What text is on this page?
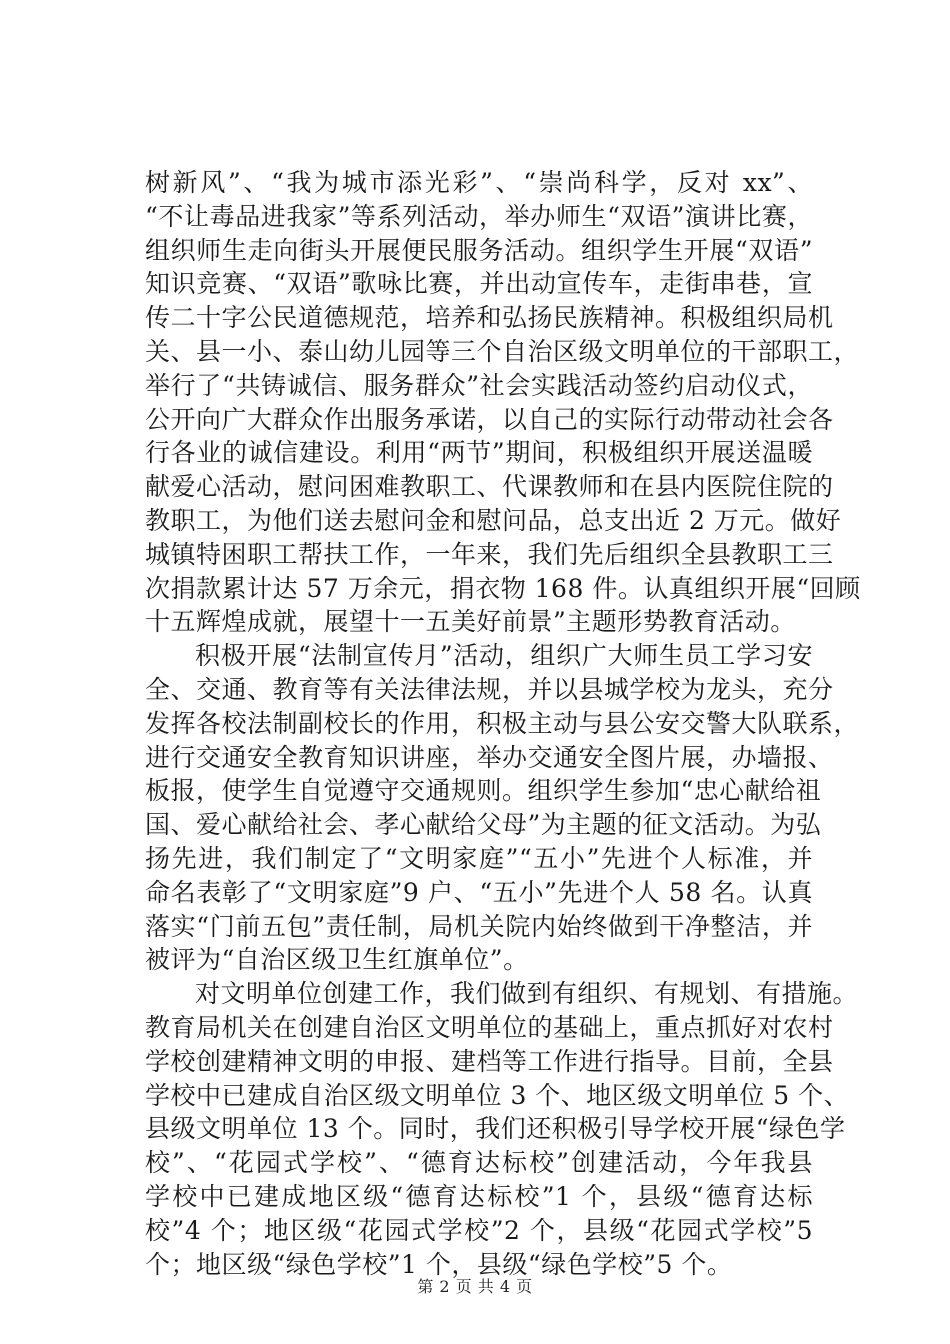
树新风”、“我为城市添光彩”、“崇尚科学，反对 xx”、
“不让毒品进我家”等系列活动，举办师生“双语”演讲比赛，
组织师生走向街头开展便民服务活动。组织学生开展“双语”
知识竞赛、“双语”歌咏比赛，并出动宣传车，走街串巷，宣
传二十字公民道德规范，培养和弘扬民族精神。积极组织局机
关、县一小、泰山幼儿园等三个自治区级文明单位的干部职工，
举行了“共铸诚信、服务群众”社会实践活动签约启动仪式，
公开向广大群众作出服务承诺，以自己的实际行动带动社会各
行各业的诚信建设。利用“两节”期间，积极组织开展送温暖
献爱心活动，慰问困难教职工、代课教师和在县内医院住院的
教职工，为他们送去慰问金和慰问品，总支出近 2 万元。做好
城镇特困职工帮扶工作，一年来，我们先后组织全县教职工三
次捐款累计达 57 万余元，捐衣物 168 件。认真组织开展“回顾
十五辉煌成就，展望十一五美好前景”主题形势教育活动。
积极开展“法制宣传月”活动，组织广大师生员工学习安
全、交通、教育等有关法律法规，并以县城学校为龙头，充分
发挥各校法制副校长的作用，积极主动与县公安交警大队联系，
进行交通安全教育知识讲座，举办交通安全图片展，办墙报、
板报，使学生自觉遵守交通规则。组织学生参加“忠心献给祖
国、爱心献给社会、孝心献给父母”为主题的征文活动。为弘
扬先进，我们制定了“文明家庭”“五小”先进个人标准，并
命名表彰了“文明家庭”9 户、“五小”先进个人 58 名。认真
落实“门前五包”责任制，局机关院内始终做到干净整洁，并
被评为“自治区级卫生红旗单位”。
对文明单位创建工作，我们做到有组织、有规划、有措施。
教育局机关在创建自治区文明单位的基础上，重点抓好对农村
学校创建精神文明的申报、建档等工作进行指导。目前，全县
学校中已建成自治区级文明单位 3 个、地区级文明单位 5 个、
县级文明单位 13 个。同时，我们还积极引导学校开展“绿色学
校”、“花园式学校”、“德育达标校”创建活动，今年我县
学校中已建成地区级“德育达标校”1 个，县级“德育达标
校”4 个；地区级“花园式学校”2 个，县级“花园式学校”5
个；地区级“绿色学校”1 个，县级“绿色学校”5 个。
第 2 页 共 4 页
